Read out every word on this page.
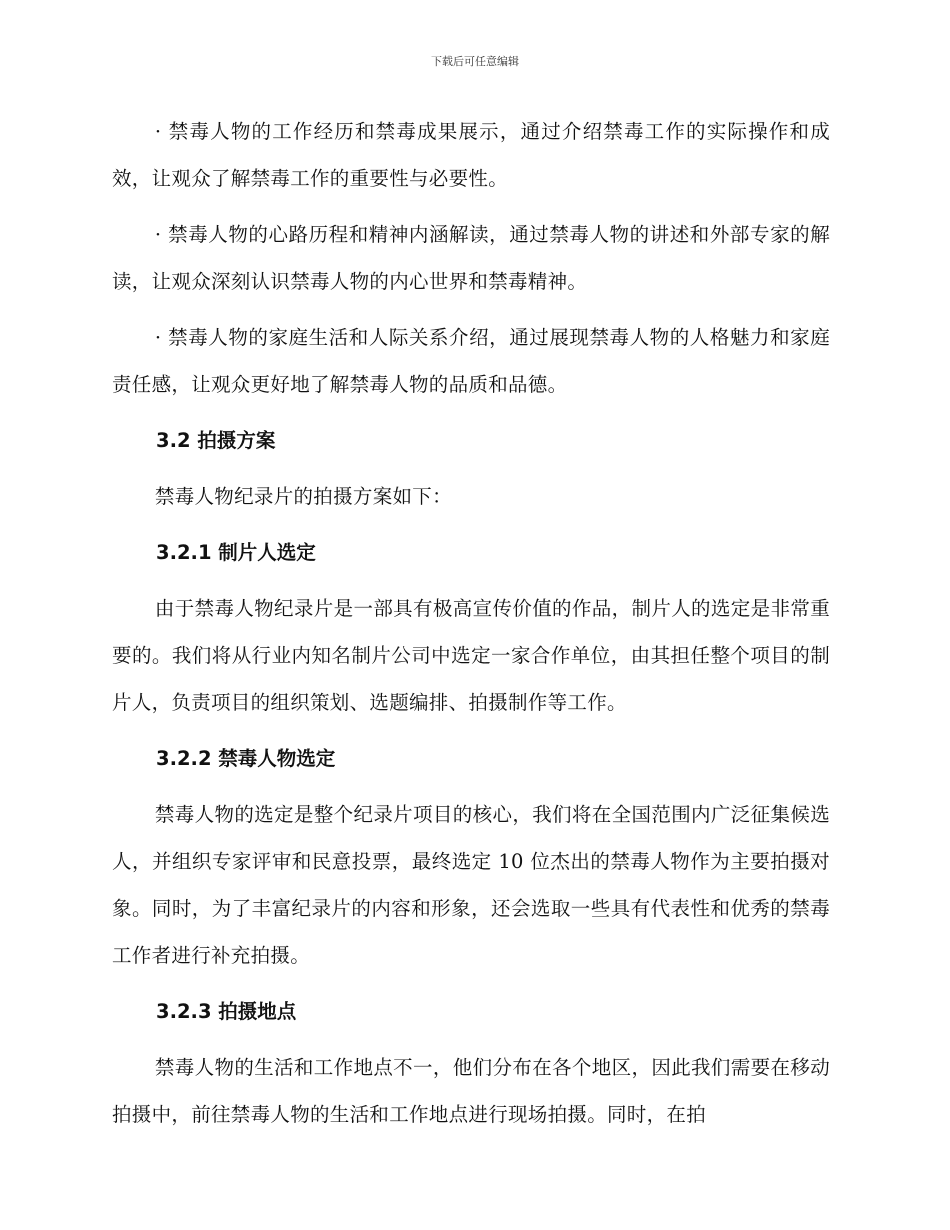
下载后可任意编辑

· 禁毒人物的工作经历和禁毒成果展示，通过介绍禁毒工作的实际操作和成效，让观众了解禁毒工作的重要性与必要性。

· 禁毒人物的心路历程和精神内涵解读，通过禁毒人物的讲述和外部专家的解读，让观众深刻认识禁毒人物的内心世界和禁毒精神。

· 禁毒人物的家庭生活和人际关系介绍，通过展现禁毒人物的人格魅力和家庭责任感，让观众更好地了解禁毒人物的品质和品德。

3.2 拍摄方案

禁毒人物纪录片的拍摄方案如下：

3.2.1 制片人选定

由于禁毒人物纪录片是一部具有极高宣传价值的作品，制片人的选定是非常重要的。我们将从行业内知名制片公司中选定一家合作单位，由其担任整个项目的制片人，负责项目的组织策划、选题编排、拍摄制作等工作。

3.2.2 禁毒人物选定

禁毒人物的选定是整个纪录片项目的核心，我们将在全国范围内广泛征集候选人，并组织专家评审和民意投票，最终选定 10 位杰出的禁毒人物作为主要拍摄对象。同时，为了丰富纪录片的内容和形象，还会选取一些具有代表性和优秀的禁毒工作者进行补充拍摄。

3.2.3 拍摄地点

禁毒人物的生活和工作地点不一，他们分布在各个地区，因此我们需要在移动拍摄中，前往禁毒人物的生活和工作地点进行现场拍摄。同时，在拍
